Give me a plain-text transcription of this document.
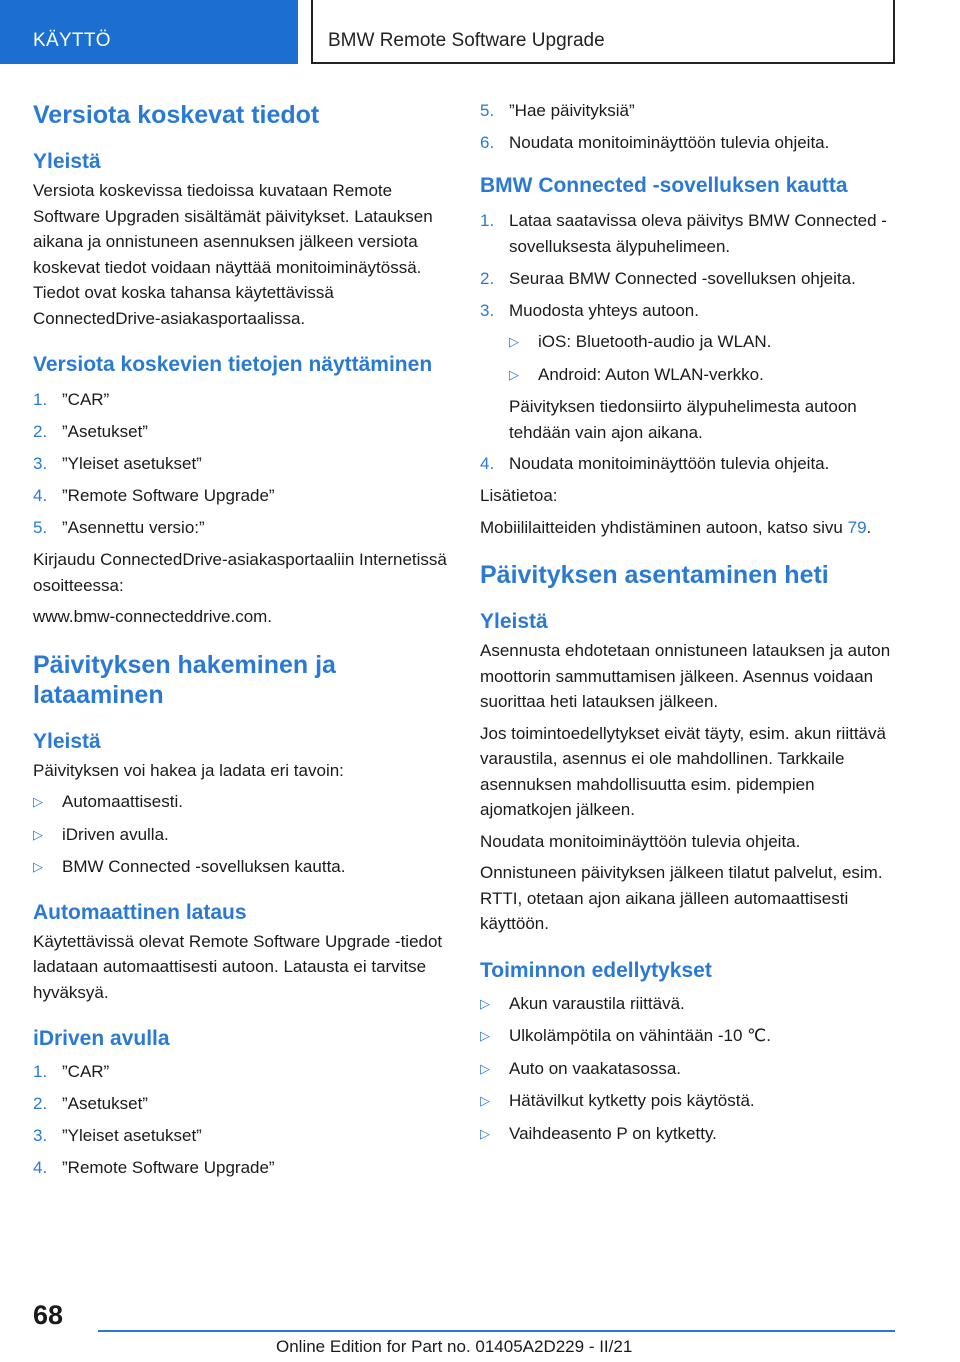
KÄYTTÖ	BMW Remote Software Upgrade
Versiota koskevat tiedot
Yleistä

Versiota koskevissa tiedoissa kuvataan Remote Software Upgraden sisältämät päivitykset. Latauksen aikana ja onnistuneen asennuksen jälkeen versiota koskevat tiedot voidaan näyttää monitoiminäytössä. Tiedot ovat koska tahansa käytettävissä ConnectedDrive-asiakasportaalissa.

Versiota koskevien tietojen näyttäminen
1. ”CAR”
2. ”Asetukset”
3. ”Yleiset asetukset”
4. ”Remote Software Upgrade”
5. ”Asennettu versio:”

Kirjaudu ConnectedDrive-asiakasportaaliin Internetissä osoitteessa:

www.bmw-connecteddrive.com.

Päivityksen hakeminen ja lataaminen
Yleistä

Päivityksen voi hakea ja ladata eri tavoin:

▷ Automaattisesti.
▷ iDriven avulla.
▷ BMW Connected -sovelluksen kautta.
Automaattinen lataus

Käytettävissä olevat Remote Software Upgrade -tiedot ladataan automaattisesti autoon. Latausta ei tarvitse hyväksyä.

iDriven avulla
1. ”CAR”
2. ”Asetukset”
3. ”Yleiset asetukset”
4. ”Remote Software Upgrade”
5. ”Hae päivityksiä”
6. Noudata monitoiminäyttöön tulevia ohjeita.
BMW Connected -sovelluksen kautta
1. Lataa saatavissa oleva päivitys BMW Connected -sovelluksesta älypuhelimeen.
2. Seuraa BMW Connected -sovelluksen ohjeita.
3. Muodosta yhteys autoon.
▷ iOS: Bluetooth-audio ja WLAN.
▷ Android: Auton WLAN-verkko.

Päivityksen tiedonsiirto älypuhelimesta autoon tehdään vain ajon aikana.

4. Noudata monitoiminäyttöön tulevia ohjeita.

Lisätietoa:

Mobiililaitteiden yhdistäminen autoon, katso sivu 79.

Päivityksen asentaminen heti
Yleistä

Asennusta ehdotetaan onnistuneen latauksen ja auton moottorin sammuttamisen jälkeen. Asennus voidaan suorittaa heti latauksen jälkeen.

Jos toimintoedellytykset eivät täyty, esim. akun riittävä varaustila, asennus ei ole mahdollinen. Tarkkaile asennuksen mahdollisuutta esim. pidempien ajomatkojen jälkeen.

Noudata monitoiminäyttöön tulevia ohjeita.

Onnistuneen päivityksen jälkeen tilatut palvelut, esim. RTTI, otetaan ajon aikana jälleen automaattisesti käyttöön.

Toiminnon edellytykset
▷ Akun varaustila riittävä.
▷ Ulkolämpötila on vähintään -10 ℃.
▷ Auto on vaakatasossa.
▷ Hätävilkut kytketty pois käytöstä.
▷ Vaihdeasento P on kytketty.
68
Online Edition for Part no. 01405A2D229 - II/21
